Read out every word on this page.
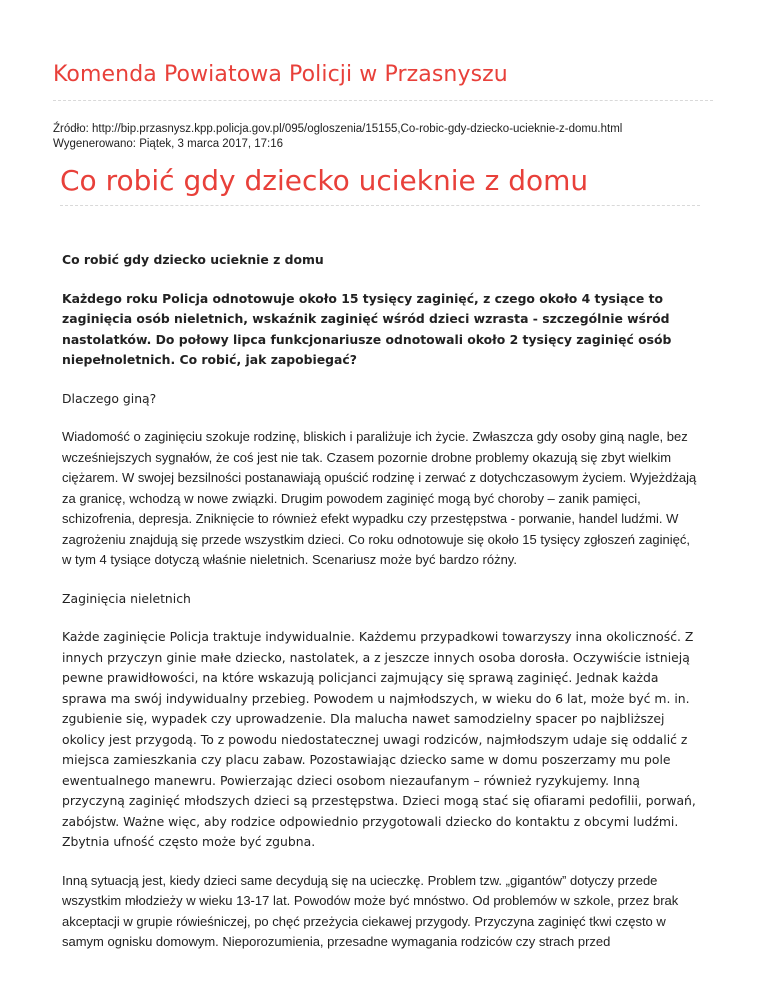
Komenda Powiatowa Policji w Przasnyszu
Źródło: http://bip.przasnysz.kpp.policja.gov.pl/095/ogloszenia/15155,Co-robic-gdy-dziecko-ucieknie-z-domu.html
Wygenerowano: Piątek, 3 marca 2017, 17:16
Co robić gdy dziecko ucieknie z domu

Co robić gdy dziecko ucieknie z domu

Każdego roku Policja odnotowuje około 15 tysięcy zaginięć, z czego około 4 tysiące to zaginięcia osób nieletnich, wskaźnik zaginięć wśród dzieci wzrasta - szczególnie wśród nastolatków. Do połowy lipca funkcjonariusze odnotowali około 2 tysięcy zaginięć osób niepełnoletnich. Co robić, jak zapobiegać?

Dlaczego giną?

Wiadomość o zaginięciu szokuje rodzinę, bliskich i paraliżuje ich życie. Zwłaszcza gdy osoby giną nagle, bez wcześniejszych sygnałów, że coś jest nie tak. Czasem pozornie drobne problemy okazują się zbyt wielkim ciężarem. W swojej bezsilności postanawiają opuścić rodzinę i zerwać z dotychczasowym życiem. Wyjeżdżają za granicę, wchodzą w nowe związki. Drugim powodem zaginięć mogą być choroby – zanik pamięci, schizofrenia, depresja. Zniknięcie to również efekt wypadku czy przestępstwa - porwanie, handel ludźmi. W zagrożeniu znajdują się przede wszystkim dzieci. Co roku odnotowuje się około 15 tysięcy zgłoszeń zaginięć, w tym 4 tysiące dotyczą właśnie nieletnich. Scenariusz może być bardzo różny.

Zaginięcia nieletnich

Każde zaginięcie Policja traktuje indywidualnie. Każdemu przypadkowi towarzyszy inna okoliczność. Z innych przyczyn ginie małe dziecko, nastolatek, a z jeszcze innych osoba dorosła. Oczywiście istnieją pewne prawidłowości, na które wskazują policjanci zajmujący się sprawą zaginięć. Jednak każda sprawa ma swój indywidualny przebieg. Powodem u najmłodszych, w wieku do 6 lat, może być m. in. zgubienie się, wypadek czy uprowadzenie. Dla malucha nawet samodzielny spacer po najbliższej okolicy jest przygodą. To z powodu niedostatecznej uwagi rodziców, najmłodszym udaje się oddalić z miejsca zamieszkania czy placu zabaw. Pozostawiając dziecko same w domu poszerzamy mu pole ewentualnego manewru. Powierzając dzieci osobom niezaufanym – również ryzykujemy. Inną przyczyną zaginięć młodszych dzieci są przestępstwa. Dzieci mogą stać się ofiarami pedofilii, porwań, zabójstw. Ważne więc, aby rodzice odpowiednio przygotowali dziecko do kontaktu z obcymi ludźmi. Zbytnia ufność często może być zgubna.

Inną sytuacją jest, kiedy dzieci same decydują się na ucieczkę. Problem tzw. „gigantów” dotyczy przede wszystkim młodzieży w wieku 13-17 lat. Powodów może być mnóstwo. Od problemów w szkole, przez brak akceptacji w grupie rówieśniczej, po chęć przeżycia ciekawej przygody. Przyczyna zaginięć tkwi często w samym ognisku domowym. Nieporozumienia, przesadne wymagania rodziców czy strach przed
